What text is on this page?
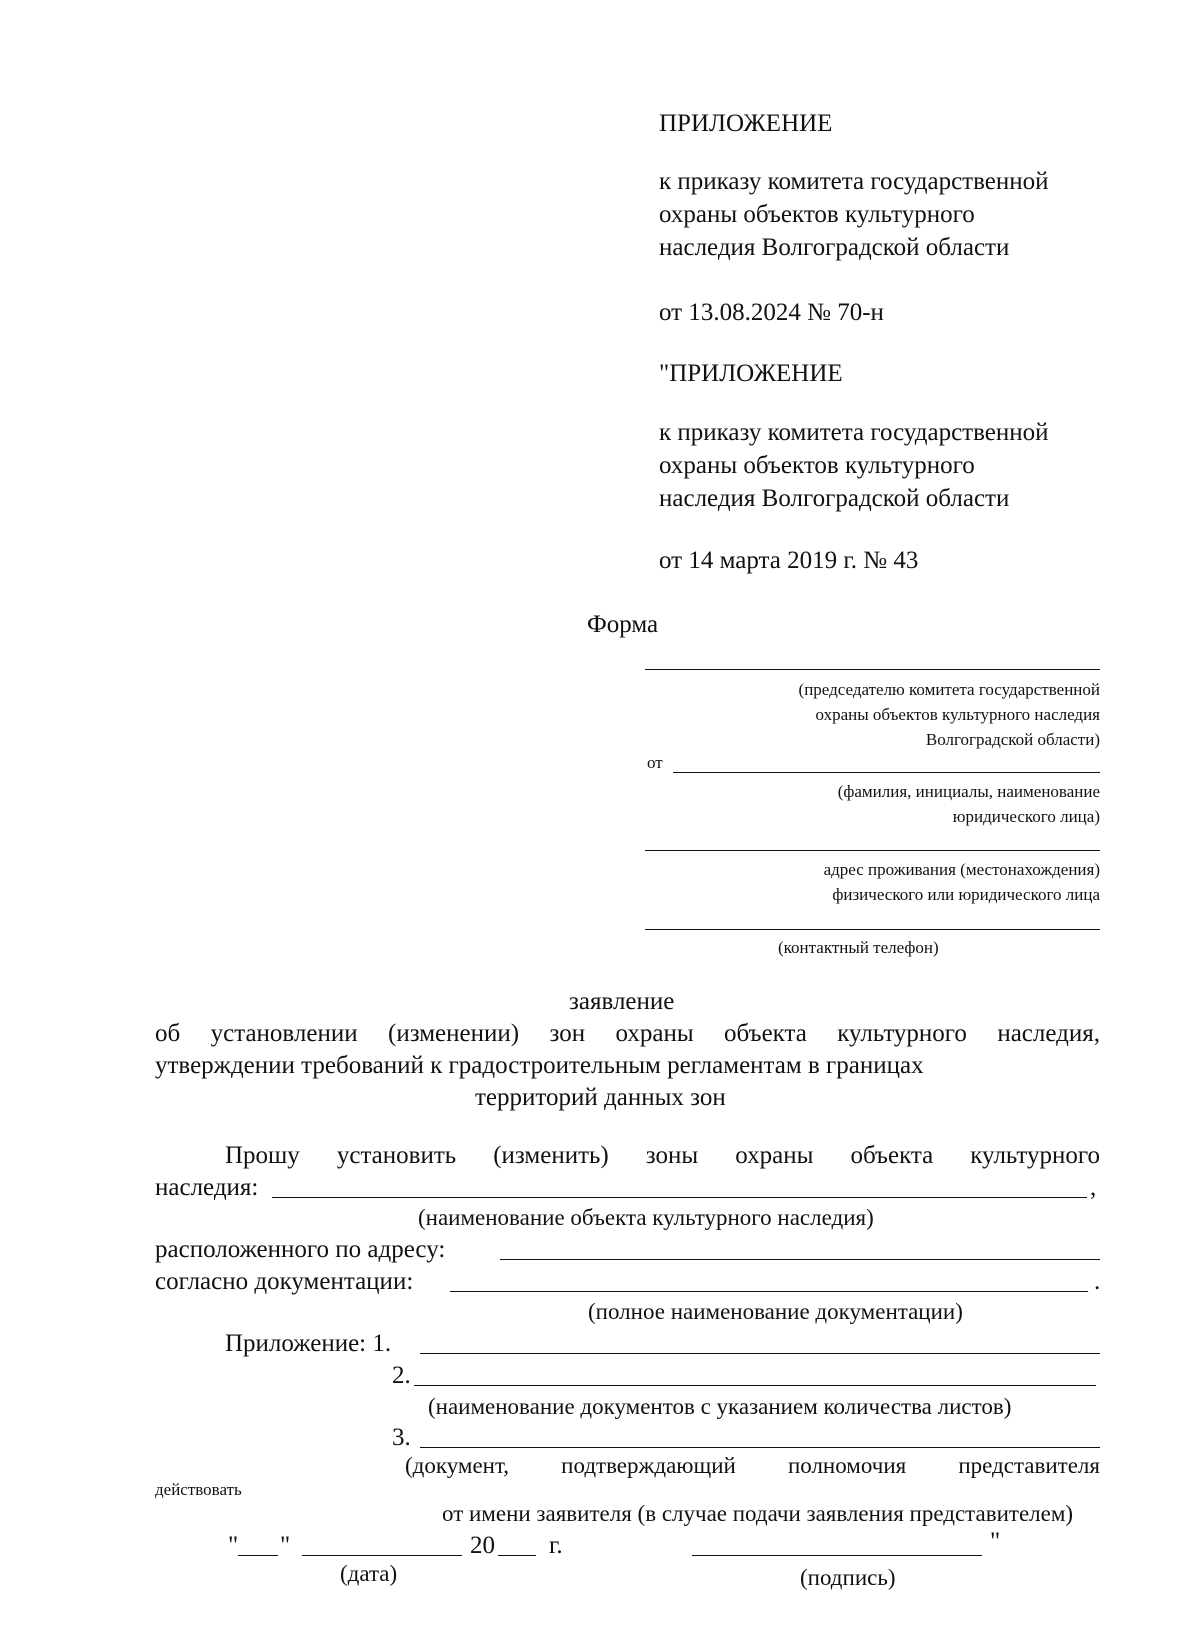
ПРИЛОЖЕНИЕ
к приказу комитета государственной
охраны объектов культурного
наследия Волгоградской области
от 13.08.2024 № 70-н
"ПРИЛОЖЕНИЕ
к приказу комитета государственной
охраны объектов культурного
наследия Волгоградской области
от 14 марта 2019 г. № 43
Форма
(председателю комитета государственной
охраны объектов культурного наследия
Волгоградской области)
от
(фамилия, инициалы, наименование
юридического лица)
адрес проживания (местонахождения)
физического или юридического лица
(контактный телефон)
заявление
об установлении (изменении) зон охраны объекта культурного наследия,
утверждении требований к градостроительным регламентам в границах
территорий данных зон
Прошу установить (изменить) зоны охраны объекта культурного
наследия:	,
(наименование объекта культурного наследия)
расположенного по адресу:
согласно документации:	.
(полное наименование документации)
Приложение: 1.
2.
(наименование документов с указанием количества листов)
3.
(документ, подтверждающий полномочия представителя
действовать
от имени заявителя (в случае подачи заявления представителем)
" "	20 г.	"
(дата)	(подпись)
